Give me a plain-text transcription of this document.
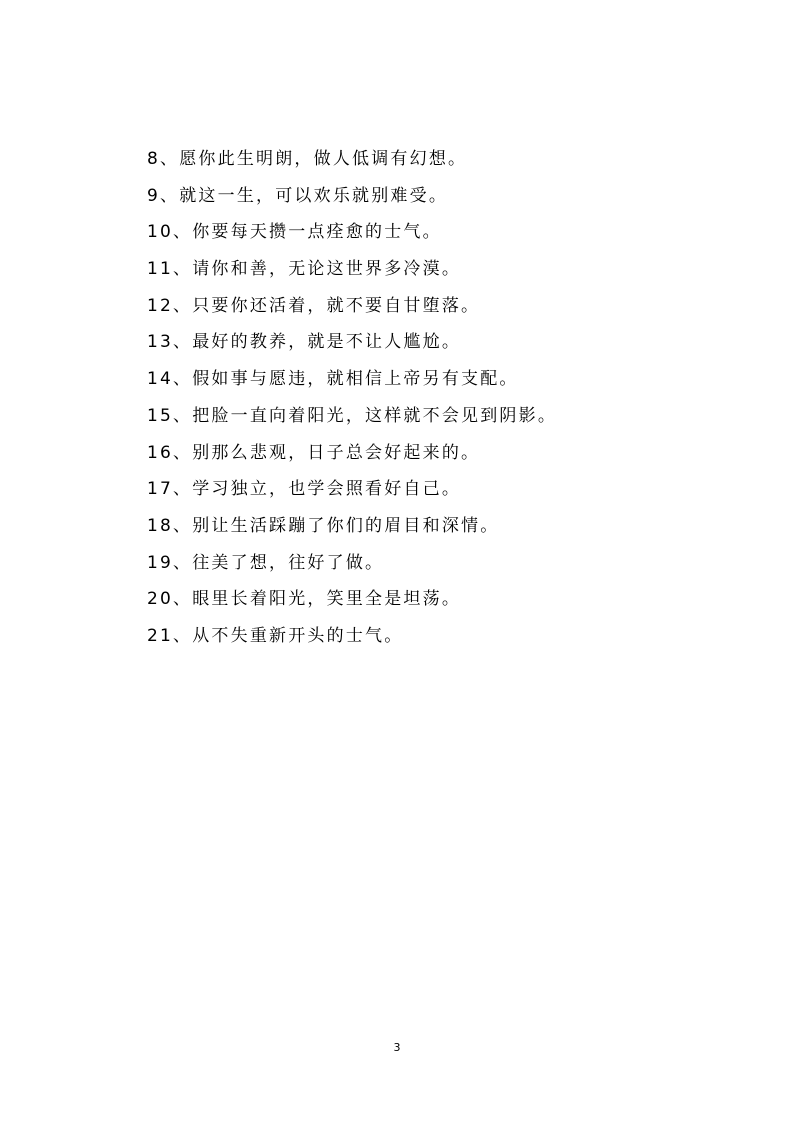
8、愿你此生明朗，做人低调有幻想。
9、就这一生，可以欢乐就别难受。
10、你要每天攒一点痊愈的士气。
11、请你和善，无论这世界多冷漠。
12、只要你还活着，就不要自甘堕落。
13、最好的教养，就是不让人尴尬。
14、假如事与愿违，就相信上帝另有支配。
15、把脸一直向着阳光，这样就不会见到阴影。
16、别那么悲观，日子总会好起来的。
17、学习独立，也学会照看好自己。
18、别让生活踩蹦了你们的眉目和深情。
19、往美了想，往好了做。
20、眼里长着阳光，笑里全是坦荡。
21、从不失重新开头的士气。
3
